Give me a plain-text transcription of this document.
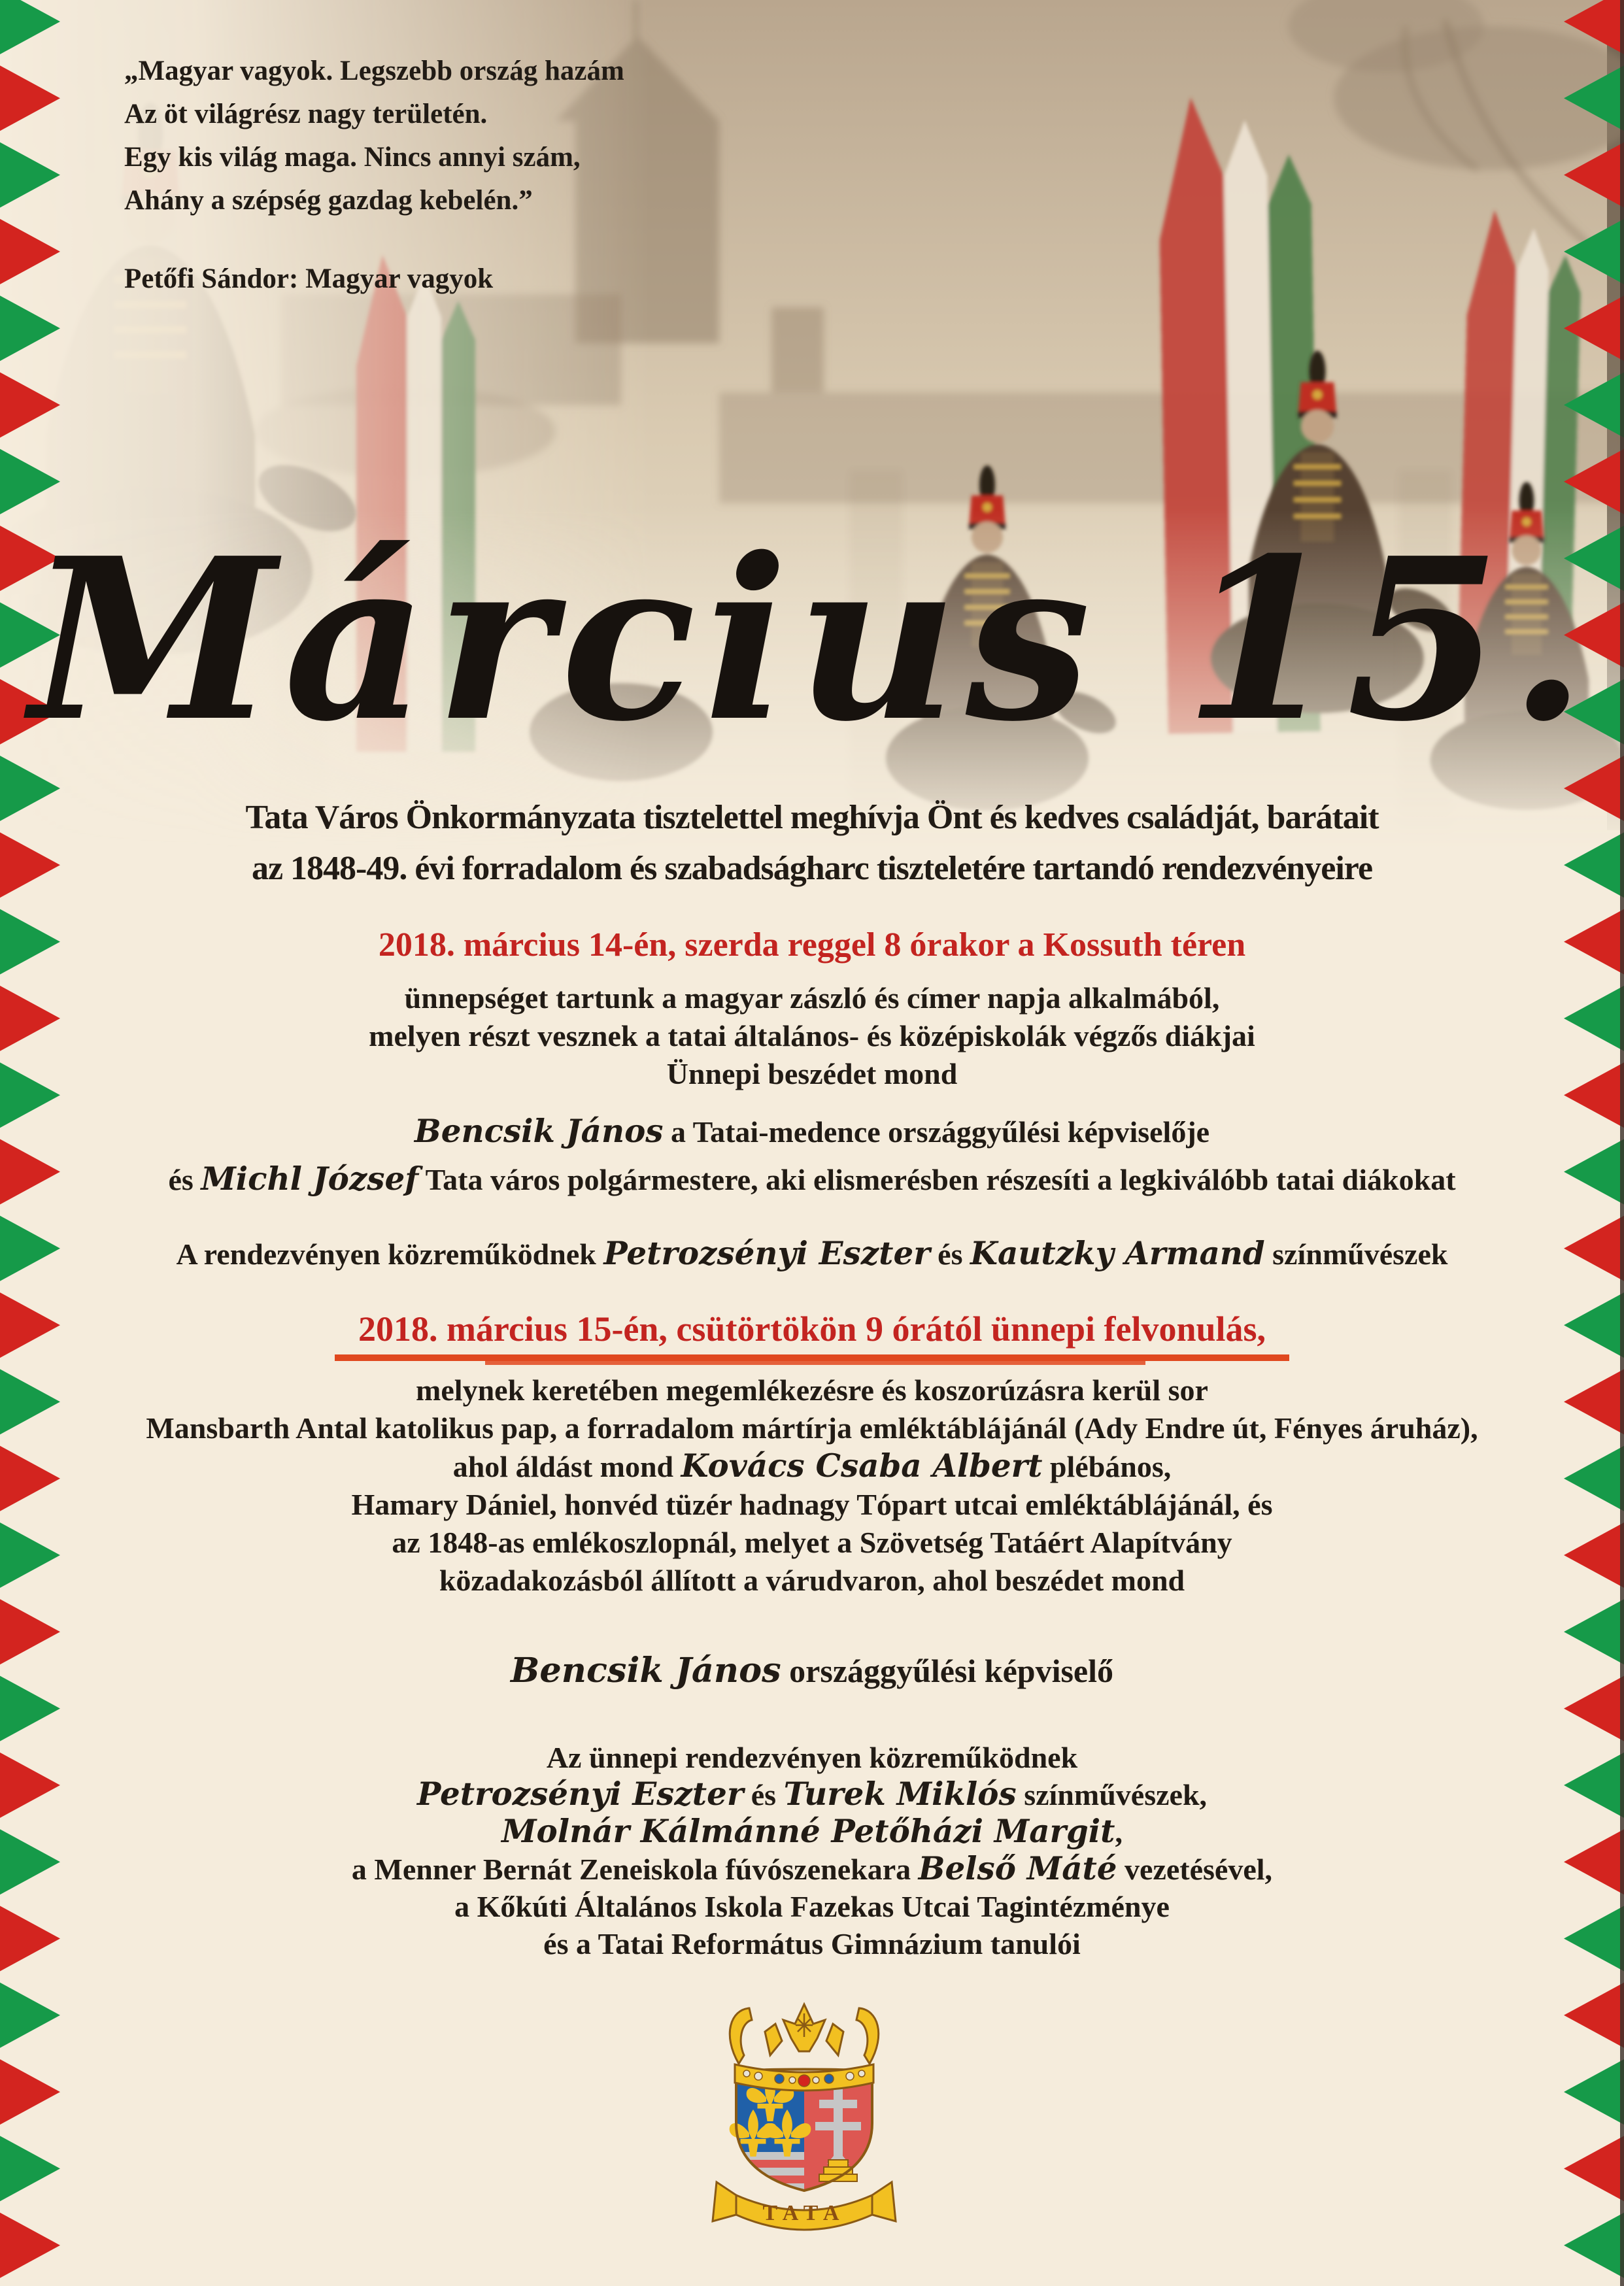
„Magyar vagyok. Legszebb ország hazám
Az öt világrész nagy területén.
Egy kis világ maga. Nincs annyi szám,
Ahány a szépség gazdag kebelén.”
Petőfi Sándor: Magyar vagyok
Március 15.
Tata Város Önkormányzata tisztelettel meghívja Önt és kedves családját, barátait
az 1848-49. évi forradalom és szabadságharc tiszteletére tartandó rendezvényeire
2018. március 14-én, szerda reggel 8 órakor a Kossuth téren
ünnepséget tartunk a magyar zászló és címer napja alkalmából,
melyen részt vesznek a tatai általános- és középiskolák végzős diákjai
Ünnepi beszédet mond
Bencsik János a Tatai-medence országgyűlési képviselője
és Michl József Tata város polgármestere, aki elismerésben részesíti a legkiválóbb tatai diákokat
A rendezvényen közreműködnek Petrozsényi Eszter és Kautzky Armand színművészek
2018. március 15-én, csütörtökön 9 órától ünnepi felvonulás,
melynek keretében megemlékezésre és koszorúzásra kerül sor
Mansbarth Antal katolikus pap, a forradalom mártírja emléktáblájánál (Ady Endre út, Fényes áruház),
ahol áldást mond Kovács Csaba Albert plébános,
Hamary Dániel, honvéd tüzér hadnagy Tópart utcai emléktáblájánál, és
az 1848-as emlékoszlopnál, melyet a Szövetség Tatáért Alapítvány
közadakozásból állított a várudvaron, ahol beszédet mond
Bencsik János országgyűlési képviselő
Az ünnepi rendezvényen közreműködnek
Petrozsényi Eszter és Turek Miklós színművészek,
Molnár Kálmánné Petőházi Margit,
a Menner Bernát Zeneiskola fúvószenekara Belső Máté vezetésével,
a Kőkúti Általános Iskola Fazekas Utcai Tagintézménye
és a Tatai Református Gimnázium tanulói
TATA
